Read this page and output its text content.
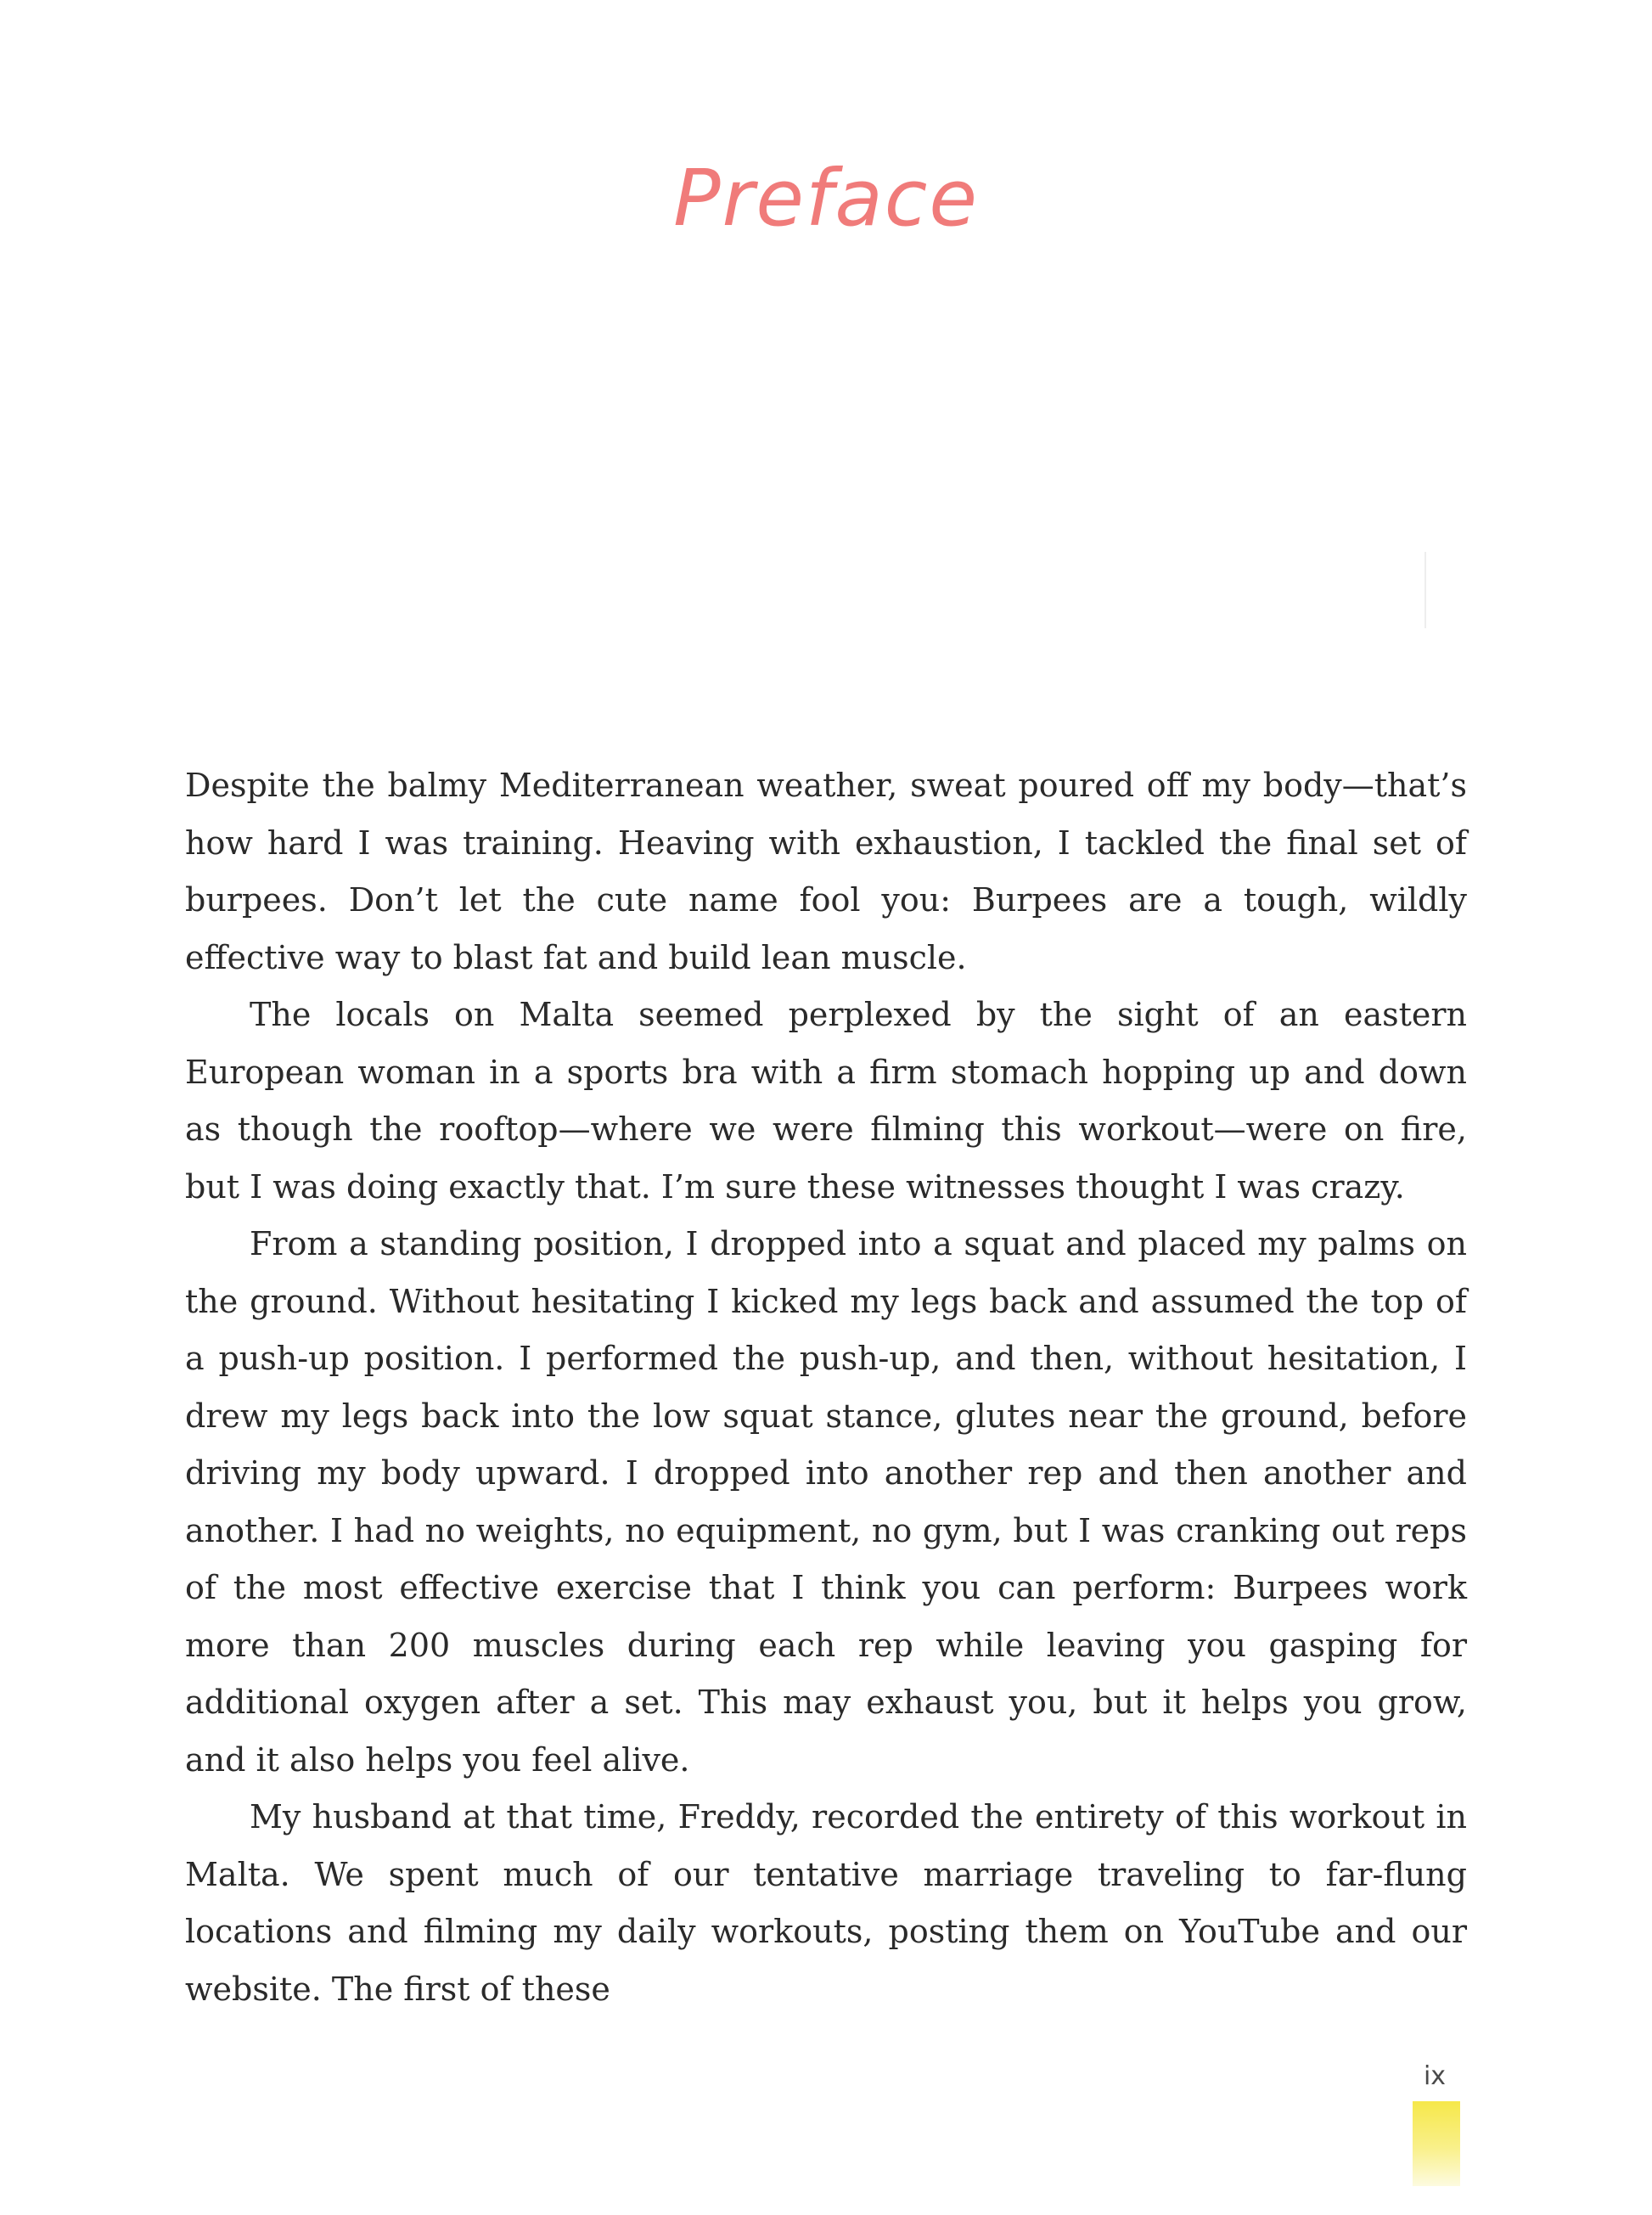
Preface

Despite the balmy Mediterranean weather, sweat poured off my body—that’s how hard I was training. Heaving with exhaustion, I tackled the final set of burpees. Don’t let the cute name fool you: Burpees are a tough, wildly effective way to blast fat and build lean muscle.

The locals on Malta seemed perplexed by the sight of an eastern European woman in a sports bra with a firm stomach hopping up and down as though the rooftop—where we were filming this workout—were on fire, but I was doing exactly that. I’m sure these witnesses thought I was crazy.

From a standing position, I dropped into a squat and placed my palms on the ground. Without hesitating I kicked my legs back and assumed the top of a push-up position. I performed the push-up, and then, without hesitation, I drew my legs back into the low squat stance, glutes near the ground, before driving my body upward. I dropped into another rep and then another and another. I had no weights, no equipment, no gym, but I was cranking out reps of the most effective exercise that I think you can perform: Burpees work more than 200 muscles during each rep while leaving you gasping for additional oxygen after a set. This may exhaust you, but it helps you grow, and it also helps you feel alive.

My husband at that time, Freddy, recorded the entirety of this workout in Malta. We spent much of our tentative marriage traveling to far-flung locations and filming my daily workouts, posting them on YouTube and our website. The first of these

ix
